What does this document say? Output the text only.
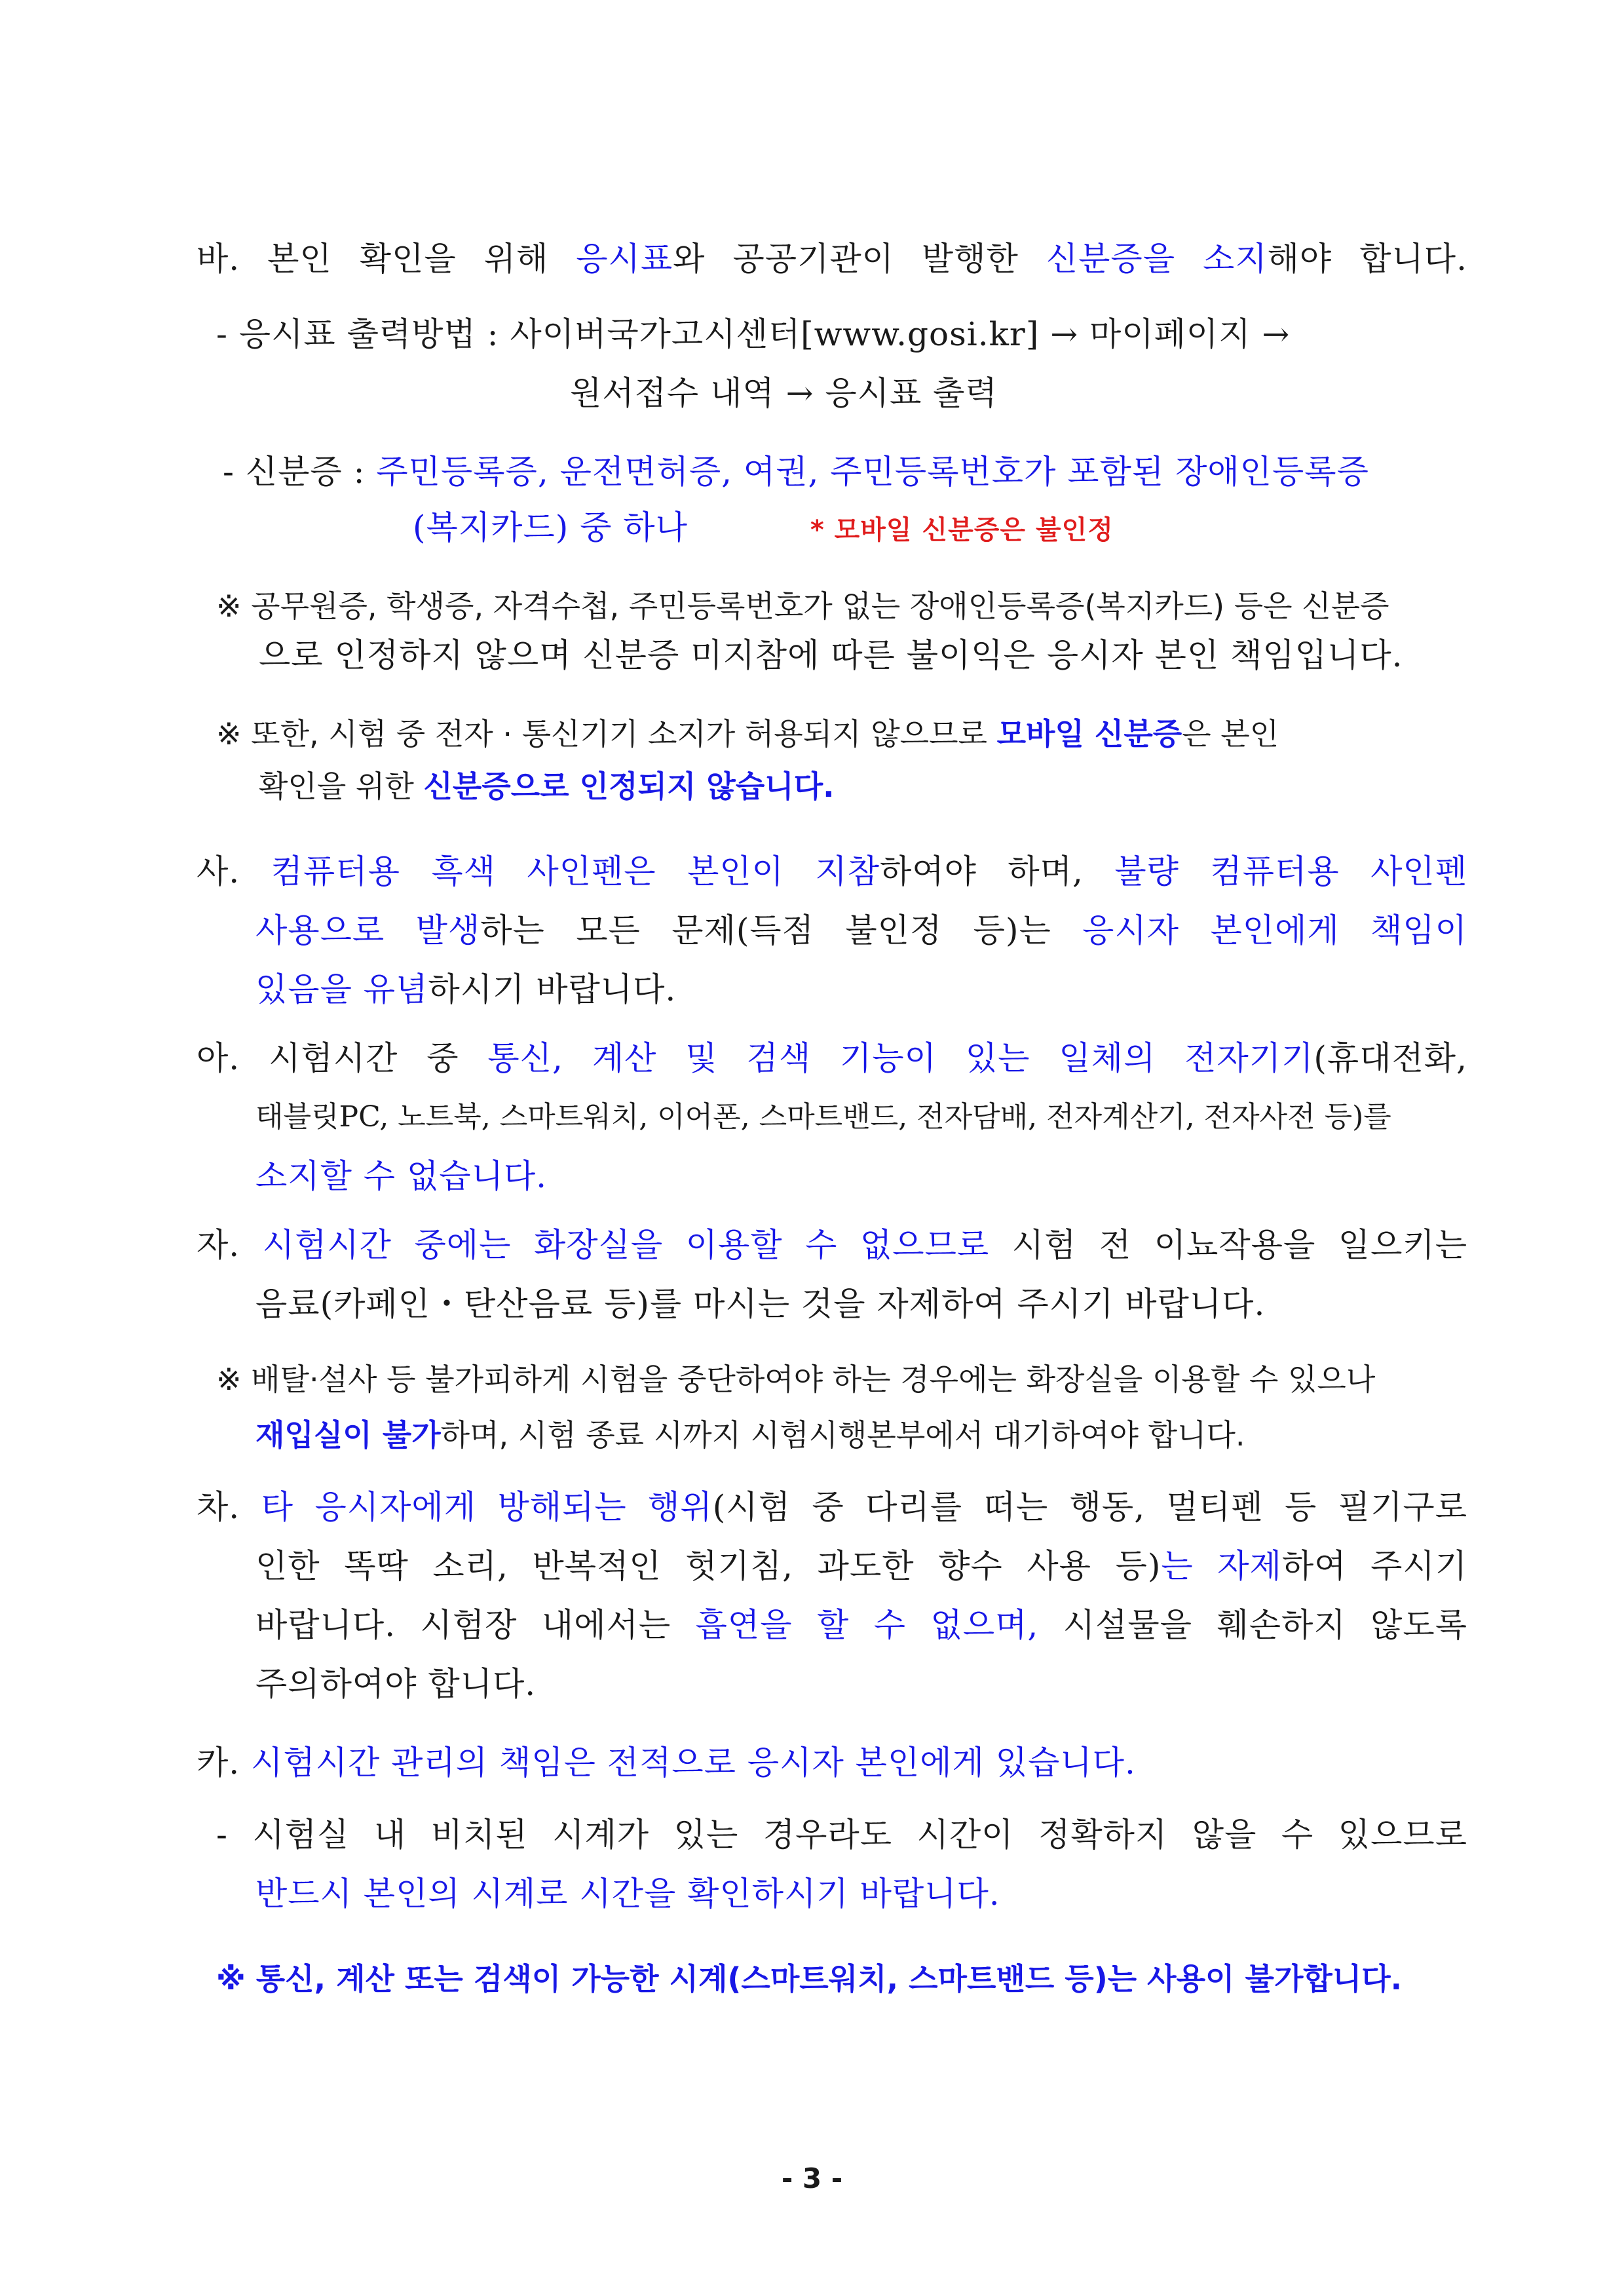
바. 본인 확인을 위해 응시표와 공공기관이 발행한 신분증을 소지해야 합니다.
- 응시표 출력방법 : 사이버국가고시센터[www.gosi.kr] → 마이페이지 →
원서접수 내역 → 응시표 출력
- 신분증 : 주민등록증, 운전면허증, 여권, 주민등록번호가 포함된 장애인등록증
(복지카드) 중 하나	* 모바일 신분증은 불인정
※ 공무원증, 학생증, 자격수첩, 주민등록번호가 없는 장애인등록증(복지카드) 등은 신분증
으로 인정하지 않으며 신분증 미지참에 따른 불이익은 응시자 본인 책임입니다.
※ 또한, 시험 중 전자 · 통신기기 소지가 허용되지 않으므로 모바일 신분증은 본인
확인을 위한 신분증으로 인정되지 않습니다.
사. 컴퓨터용 흑색 사인펜은 본인이 지참하여야 하며, 불량 컴퓨터용 사인펜
사용으로 발생하는 모든 문제(득점 불인정 등)는 응시자 본인에게 책임이
있음을 유념하시기 바랍니다.
아. 시험시간 중 통신, 계산 및 검색 기능이 있는 일체의 전자기기(휴대전화,
태블릿PC, 노트북, 스마트워치, 이어폰, 스마트밴드, 전자담배, 전자계산기, 전자사전 등)를
소지할 수 없습니다.
자. 시험시간 중에는 화장실을 이용할 수 없으므로 시험 전 이뇨작용을 일으키는
음료(카페인・탄산음료 등)를 마시는 것을 자제하여 주시기 바랍니다.
※ 배탈·설사 등 불가피하게 시험을 중단하여야 하는 경우에는 화장실을 이용할 수 있으나
재입실이 불가하며, 시험 종료 시까지 시험시행본부에서 대기하여야 합니다.
차. 타 응시자에게 방해되는 행위(시험 중 다리를 떠는 행동, 멀티펜 등 필기구로
인한 똑딱 소리, 반복적인 헛기침, 과도한 향수 사용 등)는 자제하여 주시기
바랍니다. 시험장 내에서는 흡연을 할 수 없으며, 시설물을 훼손하지 않도록
주의하여야 합니다.
카. 시험시간 관리의 책임은 전적으로 응시자 본인에게 있습니다.
- 시험실 내 비치된 시계가 있는 경우라도 시간이 정확하지 않을 수 있으므로
반드시 본인의 시계로 시간을 확인하시기 바랍니다.
※ 통신, 계산 또는 검색이 가능한 시계(스마트워치, 스마트밴드 등)는 사용이 불가합니다.
- 3 -
